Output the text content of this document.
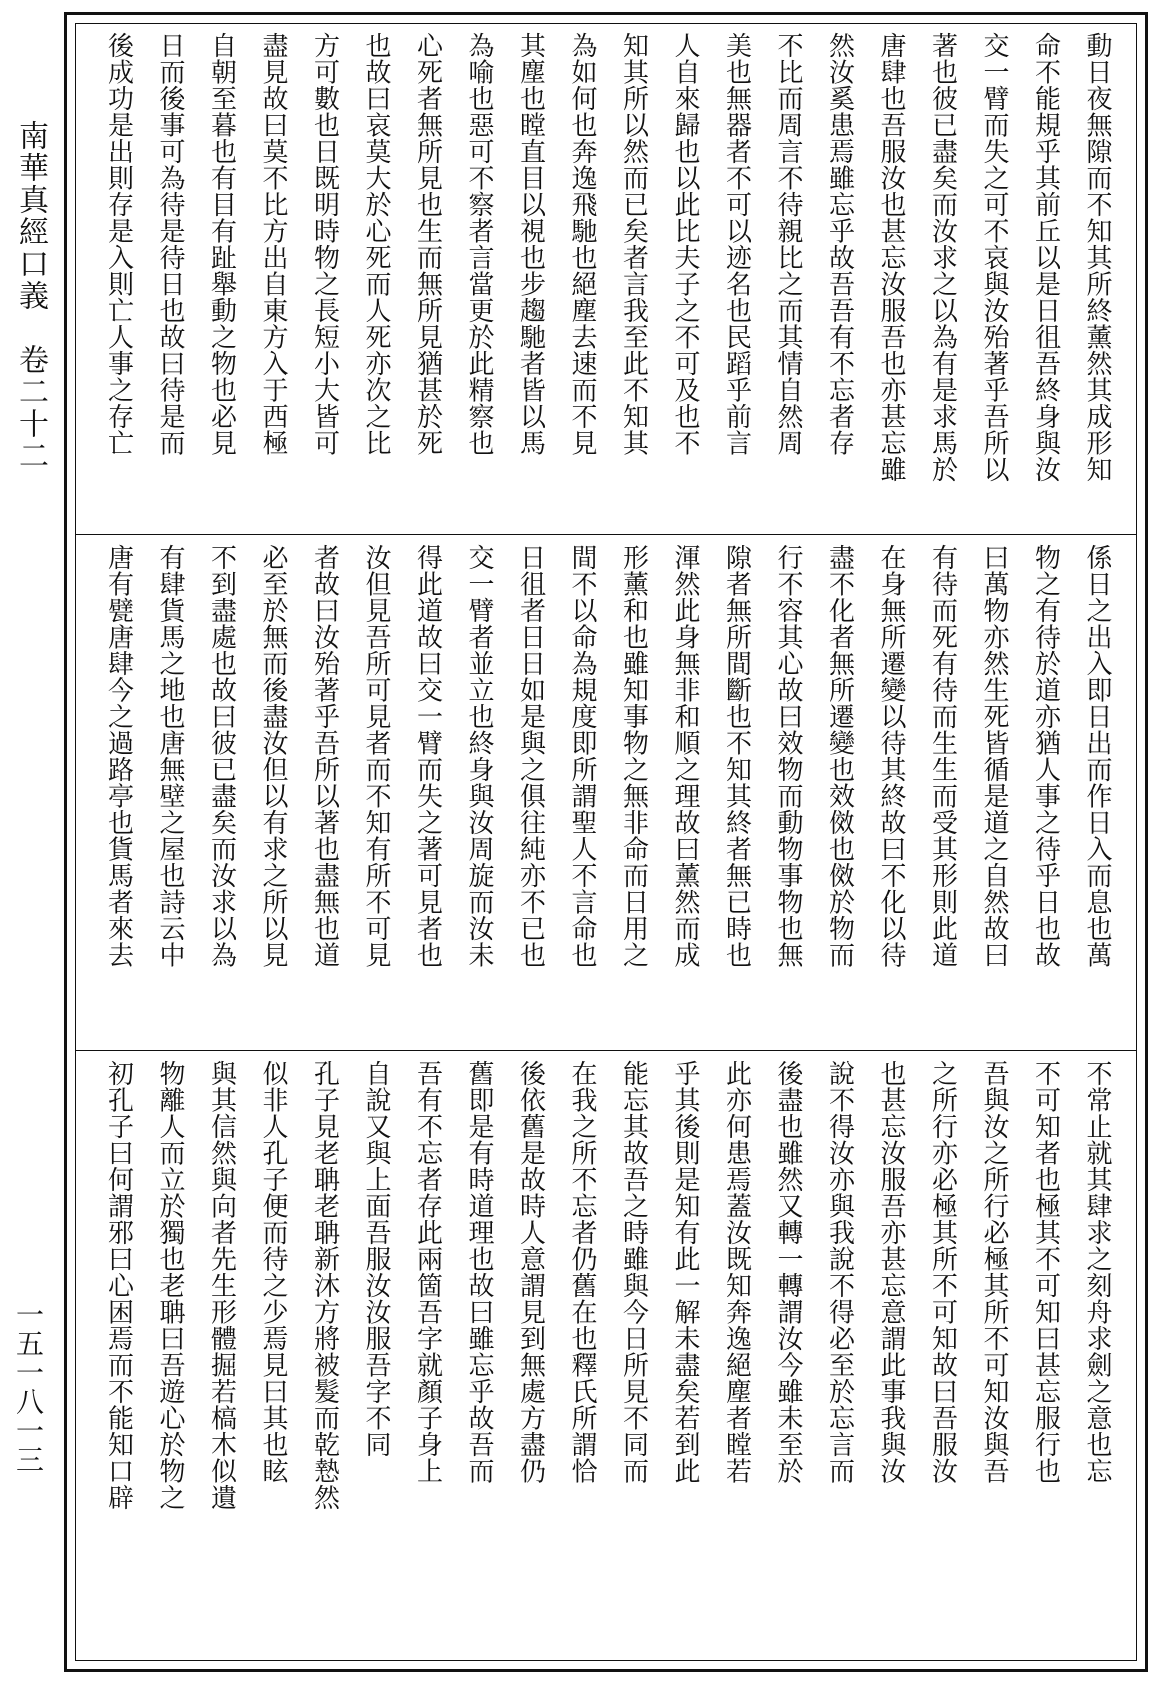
南華真經口義　卷二十二
一五一八一三
動日夜無隙而不知其所終薰然其成形知
命不能規乎其前丘以是日徂吾終身與汝
交一臂而失之可不哀與汝殆著乎吾所以
著也彼已盡矣而汝求之以為有是求馬於
唐肆也吾服汝也甚忘汝服吾也亦甚忘雖
然汝奚患焉雖忘乎故吾吾有不忘者存
不比而周言不待親比之而其情自然周
美也無器者不可以迹名也民蹈乎前言
人自來歸也以此比夫子之不可及也不
知其所以然而已矣者言我至此不知其
為如何也奔逸飛馳也絕塵去速而不見
其塵也瞠直目以視也步趨馳者皆以馬
為喻也惡可不察者言當更於此精察也
心死者無所見也生而無所見猶甚於死
也故曰哀莫大於心死而人死亦次之比
方可數也日既明時物之長短小大皆可
盡見故曰莫不比方出自東方入于西極
自朝至暮也有目有趾舉動之物也必見
日而後事可為待是待日也故曰待是而
後成功是出則存是入則亡人事之存亡
係日之出入即日出而作日入而息也萬
物之有待於道亦猶人事之待乎日也故
曰萬物亦然生死皆循是道之自然故曰
有待而死有待而生生而受其形則此道
在身無所遷變以待其終故曰不化以待
盡不化者無所遷變也效傚也傚於物而
行不容其心故曰效物而動物事物也無
隙者無所間斷也不知其終者無已時也
渾然此身無非和順之理故曰薰然而成
形薰和也雖知事物之無非命而日用之
間不以命為規度即所謂聖人不言命也
日徂者日日如是與之俱往純亦不已也
交一臂者並立也終身與汝周旋而汝未
得此道故曰交一臂而失之著可見者也
汝但見吾所可見者而不知有所不可見
者故曰汝殆著乎吾所以著也盡無也道
必至於無而後盡汝但以有求之所以見
不到盡處也故曰彼已盡矣而汝求以為
有肆貨馬之地也唐無壁之屋也詩云中
唐有甓唐肆今之過路亭也貨馬者來去
不常止就其肆求之刻舟求劍之意也忘
不可知者也極其不可知曰甚忘服行也
吾與汝之所行必極其所不可知汝與吾
之所行亦必極其所不可知故曰吾服汝
也甚忘汝服吾亦甚忘意謂此事我與汝
說不得汝亦與我說不得必至於忘言而
後盡也雖然又轉一轉謂汝今雖未至於
此亦何患焉蓋汝既知奔逸絕塵者瞠若
乎其後則是知有此一解未盡矣若到此
能忘其故吾之時雖與今日所見不同而
在我之所不忘者仍舊在也釋氏所謂恰
後依舊是故時人意謂見到無處方盡仍
舊即是有時道理也故曰雖忘乎故吾而
吾有不忘者存此兩箇吾字就顏子身上
自說又與上面吾服汝汝服吾字不同
孔子見老聃老聃新沐方將被髮而乾慹然
似非人孔子便而待之少焉見曰其也眩
與其信然與向者先生形體掘若槁木似遺
物離人而立於獨也老聃曰吾遊心於物之
初孔子曰何謂邪曰心困焉而不能知口辟
